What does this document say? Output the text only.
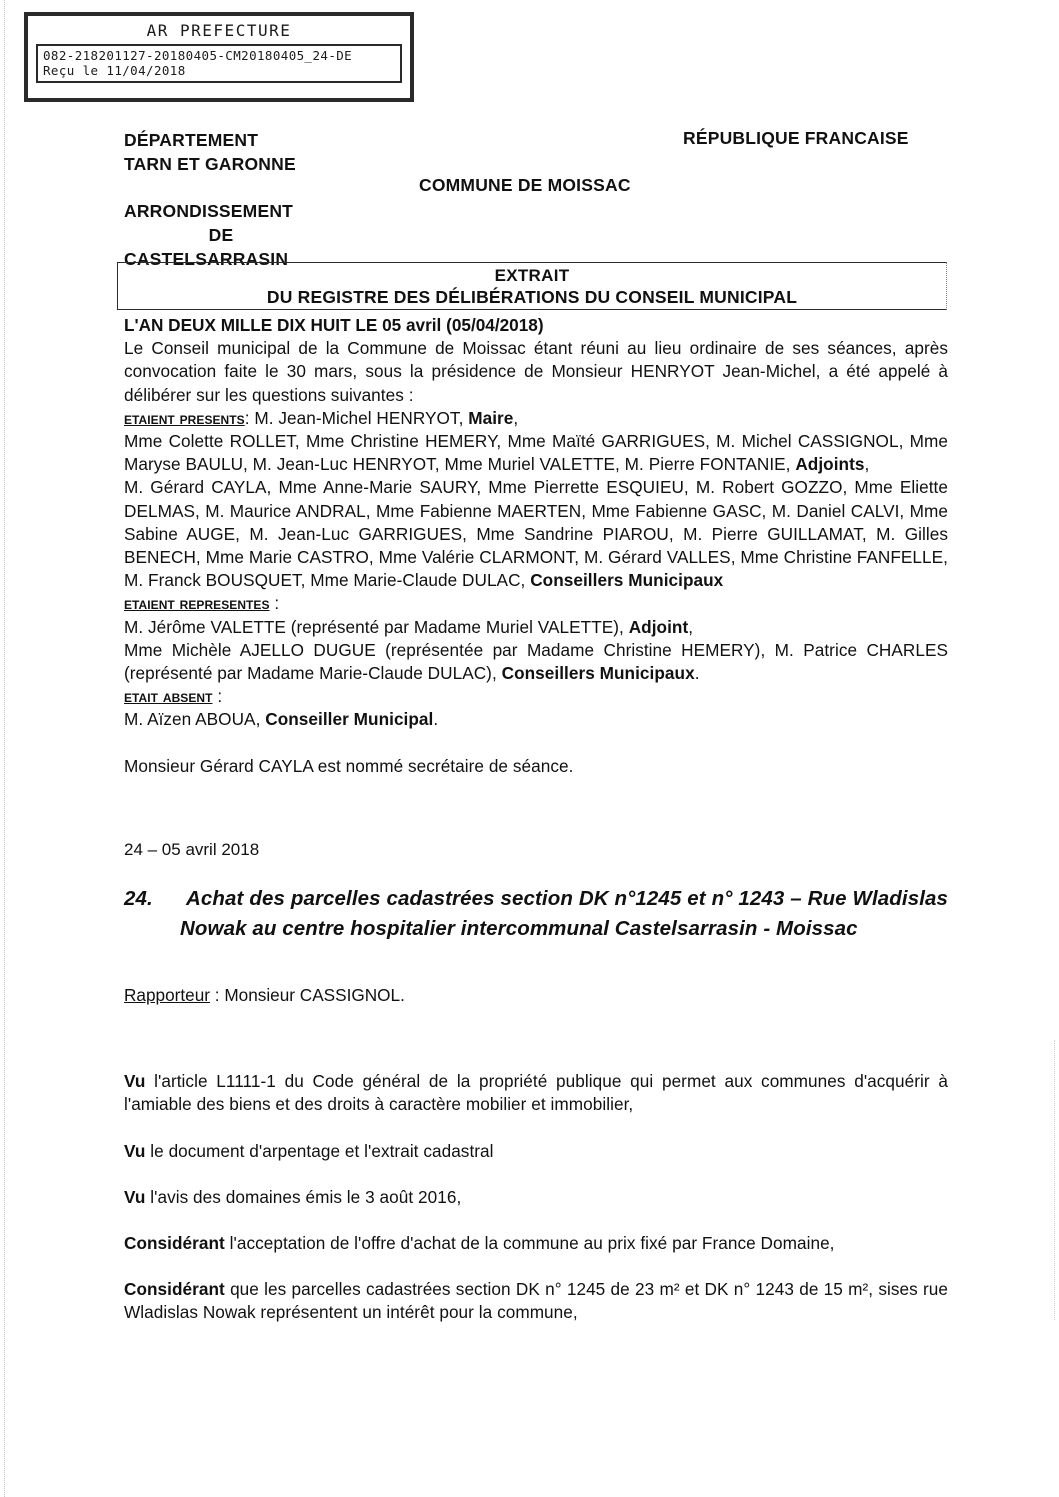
AR PREFECTURE
082-218201127-20180405-CM20180405_24-DE
Reçu le 11/04/2018
DÉPARTEMENT
TARN ET GARONNE
ARRONDISSEMENT
DE
CASTELSARRASIN
RÉPUBLIQUE FRANCAISE
COMMUNE DE MOISSAC
EXTRAIT
DU REGISTRE DES DÉLIBÉRATIONS DU CONSEIL MUNICIPAL
L'AN DEUX MILLE DIX HUIT LE 05 avril (05/04/2018)

Le Conseil municipal de la Commune de Moissac étant réuni au lieu ordinaire de ses séances, après convocation faite le 30 mars, sous la présidence de Monsieur HENRYOT Jean-Michel, a été appelé à délibérer sur les questions suivantes :

etaient presents: M. Jean-Michel HENRYOT, Maire,

Mme Colette ROLLET, Mme Christine HEMERY, Mme Maïté GARRIGUES, M. Michel CASSIGNOL, Mme Maryse BAULU, M. Jean-Luc HENRYOT, Mme Muriel VALETTE, M. Pierre FONTANIE, Adjoints,

M. Gérard CAYLA, Mme Anne-Marie SAURY, Mme Pierrette ESQUIEU, M. Robert GOZZO, Mme Eliette DELMAS, M. Maurice ANDRAL, Mme Fabienne MAERTEN, Mme Fabienne GASC, M. Daniel CALVI, Mme Sabine AUGE, M. Jean-Luc GARRIGUES, Mme Sandrine PIAROU, M. Pierre GUILLAMAT, M. Gilles BENECH, Mme Marie CASTRO, Mme Valérie CLARMONT, M. Gérard VALLES, Mme Christine FANFELLE, M. Franck BOUSQUET, Mme Marie-Claude DULAC, Conseillers Municipaux

etaient representes :

M. Jérôme VALETTE (représenté par Madame Muriel VALETTE), Adjoint,

Mme Michèle AJELLO DUGUE (représentée par Madame Christine HEMERY), M. Patrice CHARLES (représenté par Madame Marie-Claude DULAC), Conseillers Municipaux.

etait absent :

M. Aïzen ABOUA, Conseiller Municipal.

Monsieur Gérard CAYLA est nommé secrétaire de séance.

24 – 05 avril 2018

24. Achat des parcelles cadastrées section DK n°1245 et n° 1243 – Rue Wladislas Nowak au centre hospitalier intercommunal Castelsarrasin - Moissac

Rapporteur : Monsieur CASSIGNOL.

Vu l'article L1111-1 du Code général de la propriété publique qui permet aux communes d'acquérir à l'amiable des biens et des droits à caractère mobilier et immobilier,

Vu le document d'arpentage et l'extrait cadastral

Vu l'avis des domaines émis le 3 août 2016,

Considérant l'acceptation de l'offre d'achat de la commune au prix fixé par France Domaine,

Considérant que les parcelles cadastrées section DK n° 1245 de 23 m² et DK n° 1243 de 15 m², sises rue Wladislas Nowak représentent un intérêt pour la commune,
